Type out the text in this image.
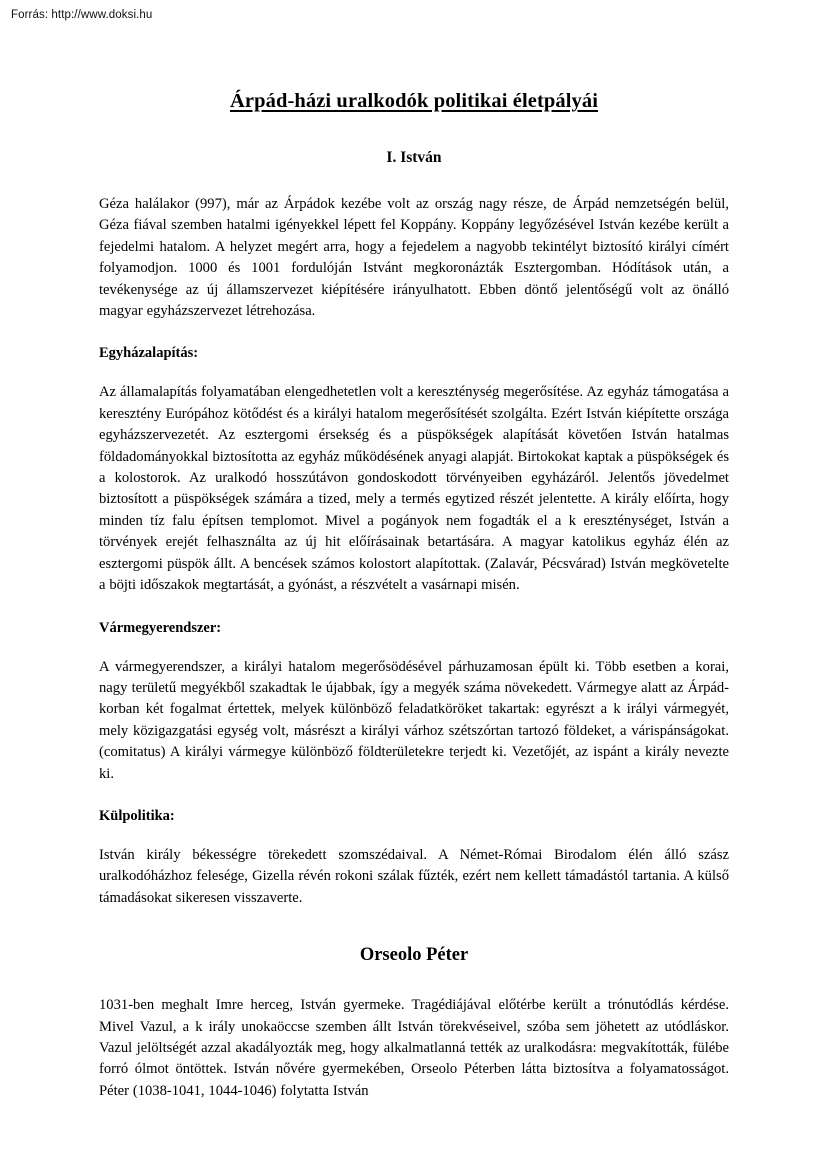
Forrás: http://www.doksi.hu
Árpád-házi uralkodók politikai életpályái
I. István

Géza halálakor (997), már az Árpádok kezébe volt az ország nagy része, de Árpád nemzetségén belül, Géza fiával szemben hatalmi igényekkel lépett fel Koppány. Koppány legyőzésével István kezébe került a fejedelmi hatalom. A helyzet megért arra, hogy a fejedelem a nagyobb tekintélyt biztosító királyi címért folyamodjon. 1000 és 1001 fordulóján Istvánt megkoronázták Esztergomban. Hódítások után, a tevékenysége az új államszervezet kiépítésére irányulhatott. Ebben döntő jelentőségű volt az önálló magyar egyházszervezet létrehozása.

Egyházalapítás:

Az államalapítás folyamatában elengedhetetlen volt a kereszténység megerősítése. Az egyház támogatása a keresztény Európához kötődést és a királyi hatalom megerősítését szolgálta. Ezért István kiépítette országa egyházszervezetét. Az esztergomi érsekség és a püspökségek alapítását követően István hatalmas földadományokkal biztosította az egyház működésének anyagi alapját. Birtokokat kaptak a püspökségek és a kolostorok. Az uralkodó hosszútávon gondoskodott törvényeiben egyházáról. Jelentős jövedelmet biztosított a püspökségek számára a tized, mely a termés egytized részét jelentette. A király előírta, hogy minden tíz falu építsen templomot. Mivel a pogányok nem fogadták el a k ereszténységet, István a törvények erejét felhasználta az új hit előírásainak betartására. A magyar katolikus egyház élén az esztergomi püspök állt. A bencések számos kolostort alapítottak. (Zalavár, Pécsvárad) István megkövetelte a böjti időszakok megtartását, a gyónást, a részvételt a vasárnapi misén.

Vármegyerendszer:

A vármegyerendszer, a királyi hatalom megerősödésével párhuzamosan épült ki. Több esetben a korai, nagy területű megyékből szakadtak le újabbak, így a megyék száma növekedett. Vármegye alatt az Árpád-korban két fogalmat értettek, melyek különböző feladatköröket takartak: egyrészt a k irályi vármegyét, mely közigazgatási egység volt, másrészt a királyi várhoz szétszórtan tartozó földeket, a várispánságokat. (comitatus) A királyi vármegye különböző földterületekre terjedt ki. Vezetőjét, az ispánt a király nevezte ki.

Külpolitika:

István király békességre törekedett szomszédaival. A Német-Római Birodalom élén álló szász uralkodóházhoz felesége, Gizella révén rokoni szálak fűzték, ezért nem kellett támadástól tartania. A külső támadásokat sikeresen visszaverte.

Orseolo Péter

1031-ben meghalt Imre herceg, István gyermeke. Tragédiájával előtérbe került a trónutódlás kérdése. Mivel Vazul, a k irály unokaöccse szemben állt István törekvéseivel, szóba sem jöhetett az utódláskor. Vazul jelöltségét azzal akadályozták meg, hogy alkalmatlanná tették az uralkodásra: megvakították, fülébe forró ólmot öntöttek. István nővére gyermekében, Orseolo Péterben látta biztosítva a folyamatosságot. Péter (1038-1041, 1044-1046) folytatta István
